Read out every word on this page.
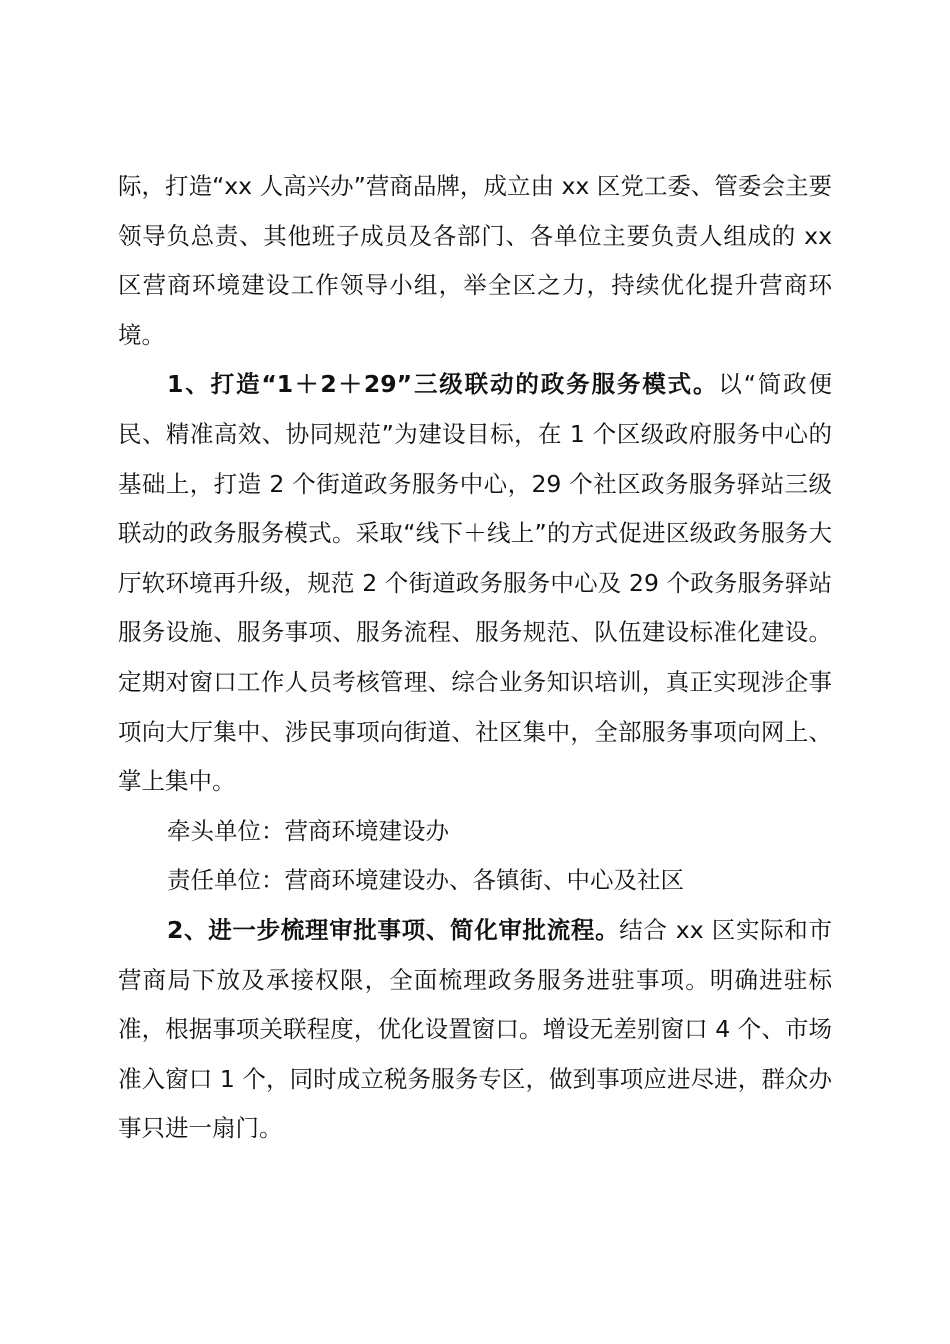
际，打造“xx 人高兴办”营商品牌，成立由 xx 区党工委、管委会主要领导负总责、其他班子成员及各部门、各单位主要负责人组成的 xx 区营商环境建设工作领导小组，举全区之力，持续优化提升营商环境。

1、打造“1＋2＋29”三级联动的政务服务模式。以“简政便民、精准高效、协同规范”为建设目标，在 1 个区级政府服务中心的基础上，打造 2 个街道政务服务中心，29 个社区政务服务驿站三级联动的政务服务模式。采取“线下＋线上”的方式促进区级政务服务大厅软环境再升级，规范 2 个街道政务服务中心及 29 个政务服务驿站服务设施、服务事项、服务流程、服务规范、队伍建设标准化建设。定期对窗口工作人员考核管理、综合业务知识培训，真正实现涉企事项向大厅集中、涉民事项向街道、社区集中，全部服务事项向网上、掌上集中。

牵头单位：营商环境建设办

责任单位：营商环境建设办、各镇街、中心及社区

2、进一步梳理审批事项、简化审批流程。结合 xx 区实际和市营商局下放及承接权限，全面梳理政务服务进驻事项。明确进驻标准，根据事项关联程度，优化设置窗口。增设无差别窗口 4 个、市场准入窗口 1 个，同时成立税务服务专区，做到事项应进尽进，群众办事只进一扇门。
